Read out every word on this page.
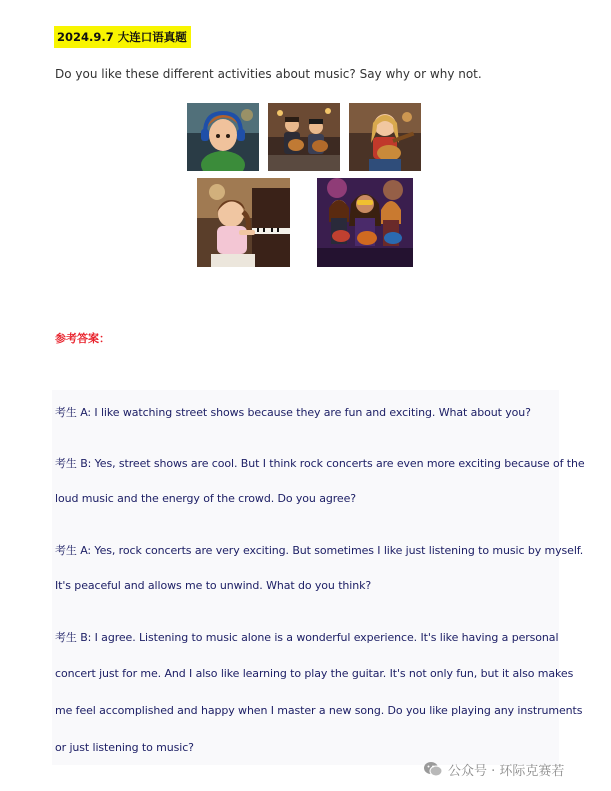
2024.9.7 大连口语真题
Do you like these different activities about music? Say why or why not.
参考答案：
考生 A: I like watching street shows because they are fun and exciting. What about you?
考生 B: Yes, street shows are cool. But I think rock concerts are even more exciting because of the
loud music and the energy of the crowd. Do you agree?
考生 A: Yes, rock concerts are very exciting. But sometimes I like just listening to music by myself.
It's peaceful and allows me to unwind. What do you think?
考生 B: I agree. Listening to music alone is a wonderful experience. It's like having a personal
concert just for me. And I also like learning to play the guitar. It's not only fun, but it also makes
me feel accomplished and happy when I master a new song. Do you like playing any instruments
or just listening to music?
公众号 · 环际克赛若
